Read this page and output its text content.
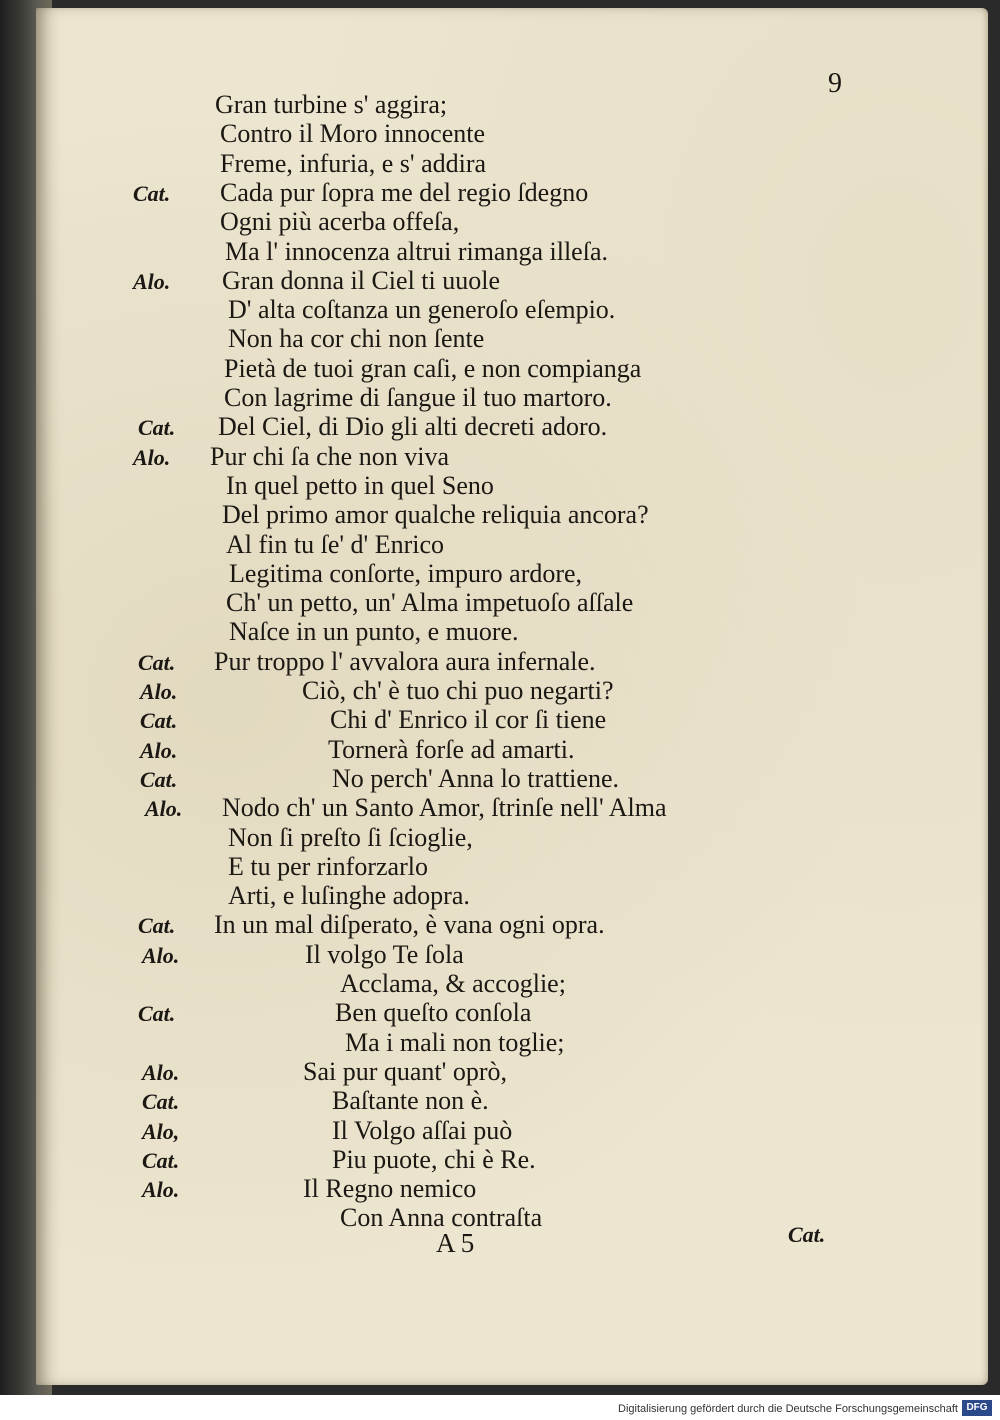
9
Gran turbine s' aggira;
Contro il Moro innocente
Freme, infuria, e s' addira
Cada pur ſopra me del regio ſdegno
Cat.
Ogni più acerba offeſa,
Ma l' innocenza altrui rimanga illeſa.
Gran donna il Ciel ti uuole
Alo.
D' alta coſtanza un generoſo eſempio.
Non ha cor chi non ſente
Pietà de tuoi gran caſi, e non compianga
Con lagrime di ſangue il tuo martoro.
Del Ciel, di Dio gli alti decreti adoro.
Cat.
Pur chi ſa che non viva
Alo.
In quel petto in quel Seno
Del primo amor qualche reliquia ancora?
Al fin tu ſe' d' Enrico
Legitima conſorte, impuro ardore,
Ch' un petto, un' Alma impetuoſo aſſale
Naſce in un punto, e muore.
Pur troppo l' avvalora aura infernale.
Cat.
Ciò, ch' è tuo chi puo negarti?
Alo.
Chi d' Enrico il cor ſi tiene
Cat.
Tornerà forſe ad amarti.
Alo.
No perch' Anna lo trattiene.
Cat.
Nodo ch' un Santo Amor, ſtrinſe nell' Alma
Alo.
Non ſi preſto ſi ſcioglie,
E tu per rinforzarlo
Arti, e luſinghe adopra.
In un mal diſperato, è vana ogni opra.
Cat.
Il volgo Te ſola
Alo.
Acclama, & accoglie;
Ben queſto conſola
Cat.
Ma i mali non toglie;
Sai pur quant' oprò,
Alo.
Baſtante non è.
Cat.
Il Volgo aſſai può
Alo,
Piu puote, chi è Re.
Cat.
Il Regno nemico
Alo.
Con Anna contraſta
A 5	Cat.
Digitalisierung gefördert durch die Deutsche Forschungsgemeinschaft DFG
